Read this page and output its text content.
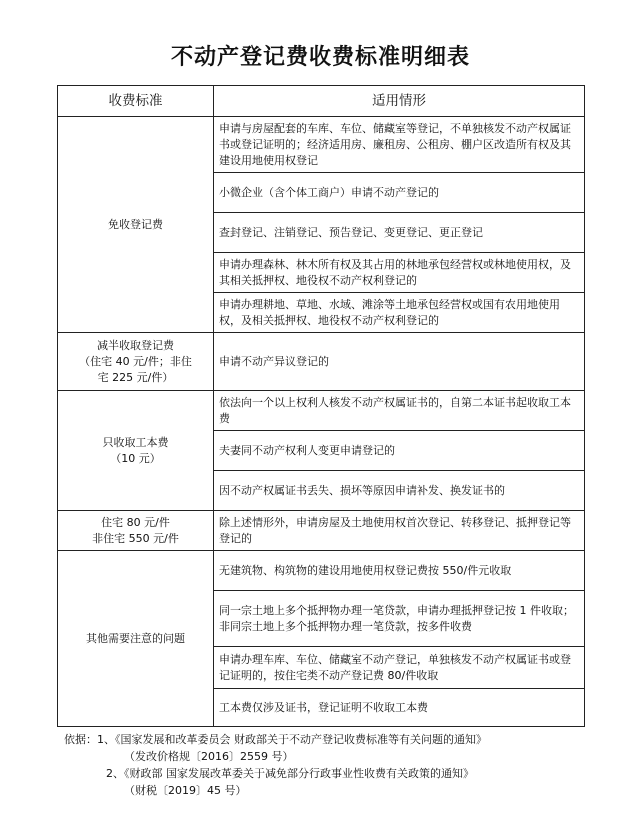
不动产登记费收费标准明细表
收费标准	适用情形

免收登记费	申请与房屋配套的车库、车位、储藏室等登记，不单独核发不动产权属证书或登记证明的；经济适用房、廉租房、公租房、棚户区改造所有权及其建设用地使用权登记
	小微企业（含个体工商户）申请不动产登记的
	查封登记、注销登记、预告登记、变更登记、更正登记
	申请办理森林、林木所有权及其占用的林地承包经营权或林地使用权，及其相关抵押权、地役权不动产权利登记的
	申请办理耕地、草地、水域、滩涂等土地承包经营权或国有农用地使用权，及相关抵押权、地役权不动产权利登记的

减半收取登记费
（住宅 40 元/件；非住
宅 225 元/件）	申请不动产异议登记的

只收取工本费
（10 元）	依法向一个以上权利人核发不动产权属证书的，自第二本证书起收取工本费
	夫妻同不动产权利人变更申请登记的
	因不动产权属证书丢失、损坏等原因申请补发、换发证书的

住宅 80 元/件
非住宅 550 元/件	除上述情形外，申请房屋及土地使用权首次登记、转移登记、抵押登记等登记的

其他需要注意的问题	无建筑物、构筑物的建设用地使用权登记费按 550/件元收取
	同一宗土地上多个抵押物办理一笔贷款，申请办理抵押登记按 1 件收取；非同宗土地上多个抵押物办理一笔贷款，按多件收费
	申请办理车库、车位、储藏室不动产登记，单独核发不动产权属证书或登记证明的，按住宅类不动产登记费 80/件收取
	工本费仅涉及证书，登记证明不收取工本费
依据：1、《国家发展和改革委员会 财政部关于不动产登记收费标准等有关问题的通知》
（发改价格规〔2016〕2559 号）
2、《财政部 国家发展改革委关于减免部分行政事业性收费有关政策的通知》
（财税〔2019〕45 号）
